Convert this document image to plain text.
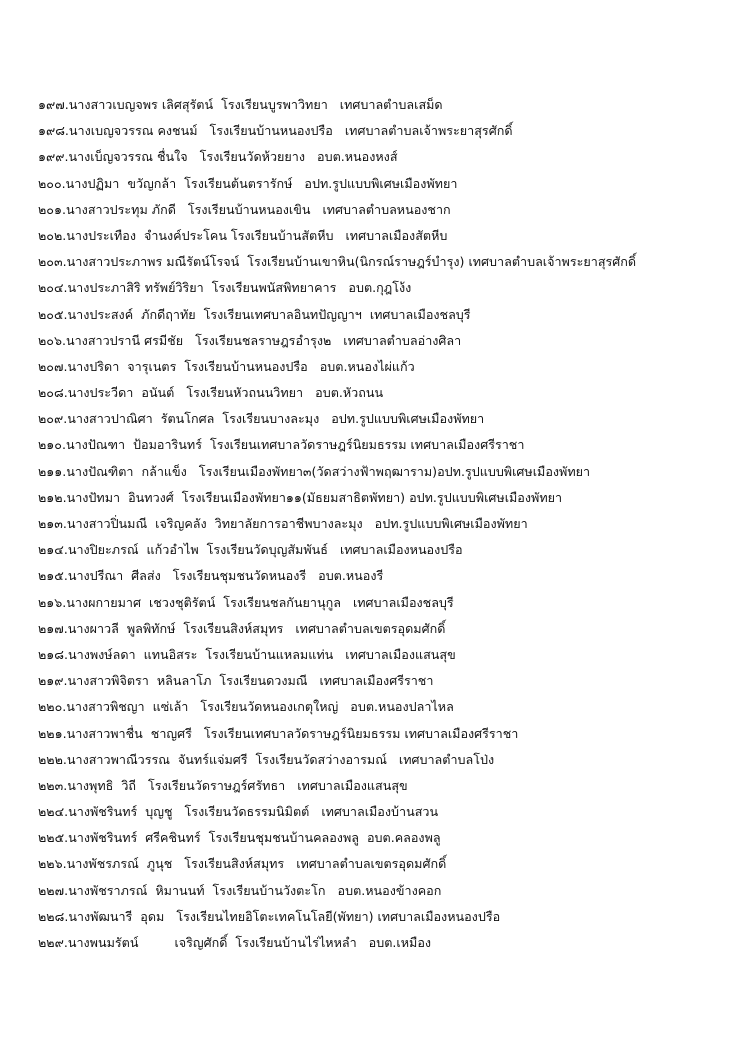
๑๙๗.นางสาวเบญจพร เลิศสุรัตน์  โรงเรียนบูรพาวิทยา   เทศบาลตำบลเสม็ด
๑๙๘.นางเบญจวรรณ คงชนม์   โรงเรียนบ้านหนองปรือ   เทศบาลตำบลเจ้าพระยาสุรศักดิ์
๑๙๙.นางเบ็ญจวรรณ ชื่นใจ   โรงเรียนวัดห้วยยาง   อบต.หนองหงส์
๒๐๐.นางปฏิมา  ขวัญกล้า  โรงเรียนต้นตรารักษ์   อปท.รูปแบบพิเศษเมืองพัทยา
๒๐๑.นางสาวประทุม ภักดี   โรงเรียนบ้านหนองเขิน   เทศบาลตำบลหนองชาก
๒๐๒.นางประเทือง  จำนงค์ประโคน โรงเรียนบ้านสัตหีบ   เทศบาลเมืองสัตหีบ
๒๐๓.นางสาวประภาพร มณีรัตน์โรจน์  โรงเรียนบ้านเขาหิน(นิกรณ์ราษฎร์บำรุง) เทศบาลตำบลเจ้าพระยาสุรศักดิ์
๒๐๔.นางประภาสิริ ทรัพย์วิริยา  โรงเรียนพนัสพิทยาคาร   อบต.กุฎโง้ง
๒๐๕.นางประสงค์  ภักดีฤาทัย  โรงเรียนเทศบาลอินทปัญญาฯ  เทศบาลเมืองชลบุรี
๒๐๖.นางสาวปรานี ศรมีชัย   โรงเรียนชลราษฎรอำรุง๒   เทศบาลตำบลอ่างศิลา
๒๐๗.นางปริดา  จารุเนตร  โรงเรียนบ้านหนองปรือ   อบต.หนองไผ่แก้ว
๒๐๘.นางประวีดา  อนันต์   โรงเรียนหัวถนนวิทยา   อบต.หัวถนน
๒๐๙.นางสาวปาณิศา  รัตนโกศล  โรงเรียนบางละมุง   อปท.รูปแบบพิเศษเมืองพัทยา
๒๑๐.นางปัณฑา  ป้อมอารินทร์  โรงเรียนเทศบาลวัดราษฎร์นิยมธรรม เทศบาลเมืองศรีราชา
๒๑๑.นางปัณฑิตา  กล้าแข็ง   โรงเรียนเมืองพัทยา๓(วัดสว่างฟ้าพฤฒาราม)อปท.รูปแบบพิเศษเมืองพัทยา
๒๑๒.นางปัทมา  อินทวงศ์  โรงเรียนเมืองพัทยา๑๑(มัธยมสาธิตพัทยา) อปท.รูปแบบพิเศษเมืองพัทยา
๒๑๓.นางสาวปิ่นมณี  เจริญคลัง  วิทยาลัยการอาชีพบางละมุง   อปท.รูปแบบพิเศษเมืองพัทยา
๒๑๔.นางปิยะภรณ์  แก้วอำไพ  โรงเรียนวัดบุญสัมพันธ์   เทศบาลเมืองหนองปรือ
๒๑๕.นางปรีณา  ศีลส่ง   โรงเรียนชุมชนวัดหนองรี   อบต.หนองรี
๒๑๖.นางผกายมาศ  เชวงชุติรัตน์  โรงเรียนชลกันยานุกูล   เทศบาลเมืองชลบุรี
๒๑๗.นางผาวลี  พูลพิทักษ์  โรงเรียนสิงห์สมุทร   เทศบาลตำบลเขตรอุดมศักดิ์
๒๑๘.นางพงษ์ลดา  แทนอิสระ  โรงเรียนบ้านแหลมแท่น   เทศบาลเมืองแสนสุข
๒๑๙.นางสาวพิจิตรา  หลินลาโภ  โรงเรียนดวงมณี   เทศบาลเมืองศรีราชา
๒๒๐.นางสาวพิชญา  แซ่เล้า   โรงเรียนวัดหนองเกตุใหญ่   อบต.หนองปลาไหล
๒๒๑.นางสาวพาชื่น  ชาญศรี   โรงเรียนเทศบาลวัดราษฎร์นิยมธรรม เทศบาลเมืองศรีราชา
๒๒๒.นางสาวพาณีวรรณ  จันทร์แจ่มศรี  โรงเรียนวัดสว่างอารมณ์   เทศบาลตำบลโป่ง
๒๒๓.นางพุทธิ  วิถี   โรงเรียนวัดราษฎร์ศรัทธา   เทศบาลเมืองแสนสุข
๒๒๔.นางพัชรินทร์  บุญชู   โรงเรียนวัดธรรมนิมิตต์   เทศบาลเมืองบ้านสวน
๒๒๕.นางพัชรินทร์  ศรีคชินทร์  โรงเรียนชุมชนบ้านคลองพลู  อบต.คลองพลู
๒๒๖.นางพัชรภรณ์  ภูนุช   โรงเรียนสิงห์สมุทร   เทศบาลตำบลเขตรอุดมศักดิ์
๒๒๗.นางพัชราภรณ์  หิมานนท์  โรงเรียนบ้านวังตะโก   อบต.หนองข้างคอก
๒๒๘.นางพัฒนารี  อุดม   โรงเรียนไทยอิโตะเทคโนโลยี(พัทยา) เทศบาลเมืองหนองปรือ
๒๒๙.นางพนมรัตน์         เจริญศักดิ์  โรงเรียนบ้านไร่ไหหลำ   อบต.เหมือง
